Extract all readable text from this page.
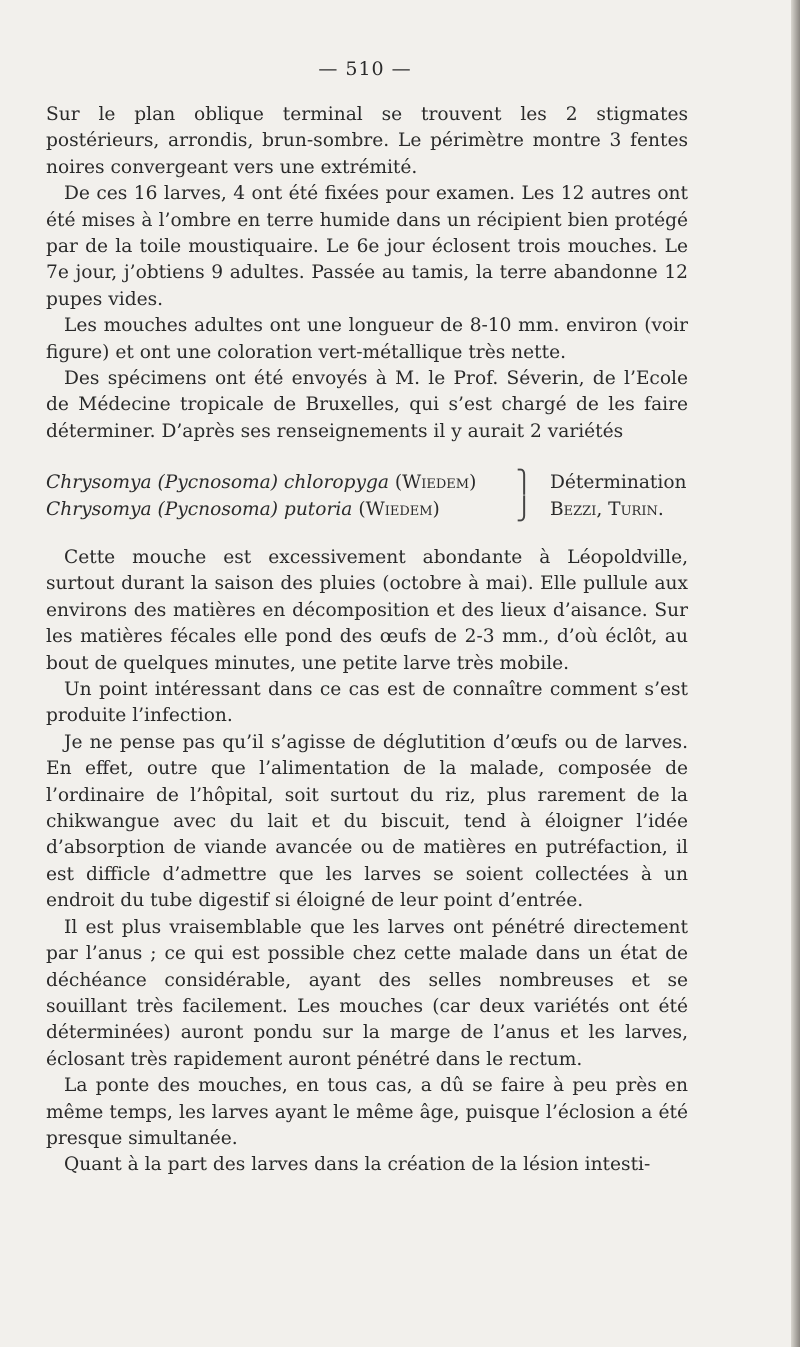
— 510 —

Sur le plan oblique terminal se trouvent les 2 stigmates postérieurs, arrondis, brun-sombre. Le périmètre montre 3 fentes noires convergeant vers une extrémité.

De ces 16 larves, 4 ont été fixées pour examen. Les 12 autres ont été mises à l’ombre en terre humide dans un récipient bien protégé par de la toile moustiquaire. Le 6e jour éclosent trois mouches. Le 7e jour, j’obtiens 9 adultes. Passée au tamis, la terre abandonne 12 pupes vides.

Les mouches adultes ont une longueur de 8-10 mm. environ (voir figure) et ont une coloration vert-métallique très nette.

Des spécimens ont été envoyés à M. le Prof. Séverin, de l’Ecole de Médecine tropicale de Bruxelles, qui s’est chargé de les faire déterminer. D’après ses renseignements il y aurait 2 variétés

Chrysomya (Pycnosoma) chloropyga (Wiedem) ⎫ Détermination
Chrysomya (Pycnosoma) putoria (Wiedem)	⎭ Bezzi, Turin.

Cette mouche est excessivement abondante à Léopoldville, surtout durant la saison des pluies (octobre à mai). Elle pullule aux environs des matières en décomposition et des lieux d’aisance. Sur les matières fécales elle pond des œufs de 2-3 mm., d’où éclôt, au bout de quelques minutes, une petite larve très mobile.

Un point intéressant dans ce cas est de connaître comment s’est produite l’infection.

Je ne pense pas qu’il s’agisse de déglutition d’œufs ou de larves. En effet, outre que l’alimentation de la malade, composée de l’ordinaire de l’hôpital, soit surtout du riz, plus rarement de la chikwangue avec du lait et du biscuit, tend à éloigner l’idée d’absorption de viande avancée ou de matières en putréfaction, il est difficle d’admettre que les larves se soient collectées à un endroit du tube digestif si éloigné de leur point d’entrée.

Il est plus vraisemblable que les larves ont pénétré directement par l’anus ; ce qui est possible chez cette malade dans un état de déchéance considérable, ayant des selles nombreuses et se souillant très facilement. Les mouches (car deux variétés ont été déterminées) auront pondu sur la marge de l’anus et les larves, éclosant très rapidement auront pénétré dans le rectum.

La ponte des mouches, en tous cas, a dû se faire à peu près en même temps, les larves ayant le même âge, puisque l’éclosion a été presque simultanée.

Quant à la part des larves dans la création de la lésion intesti-
